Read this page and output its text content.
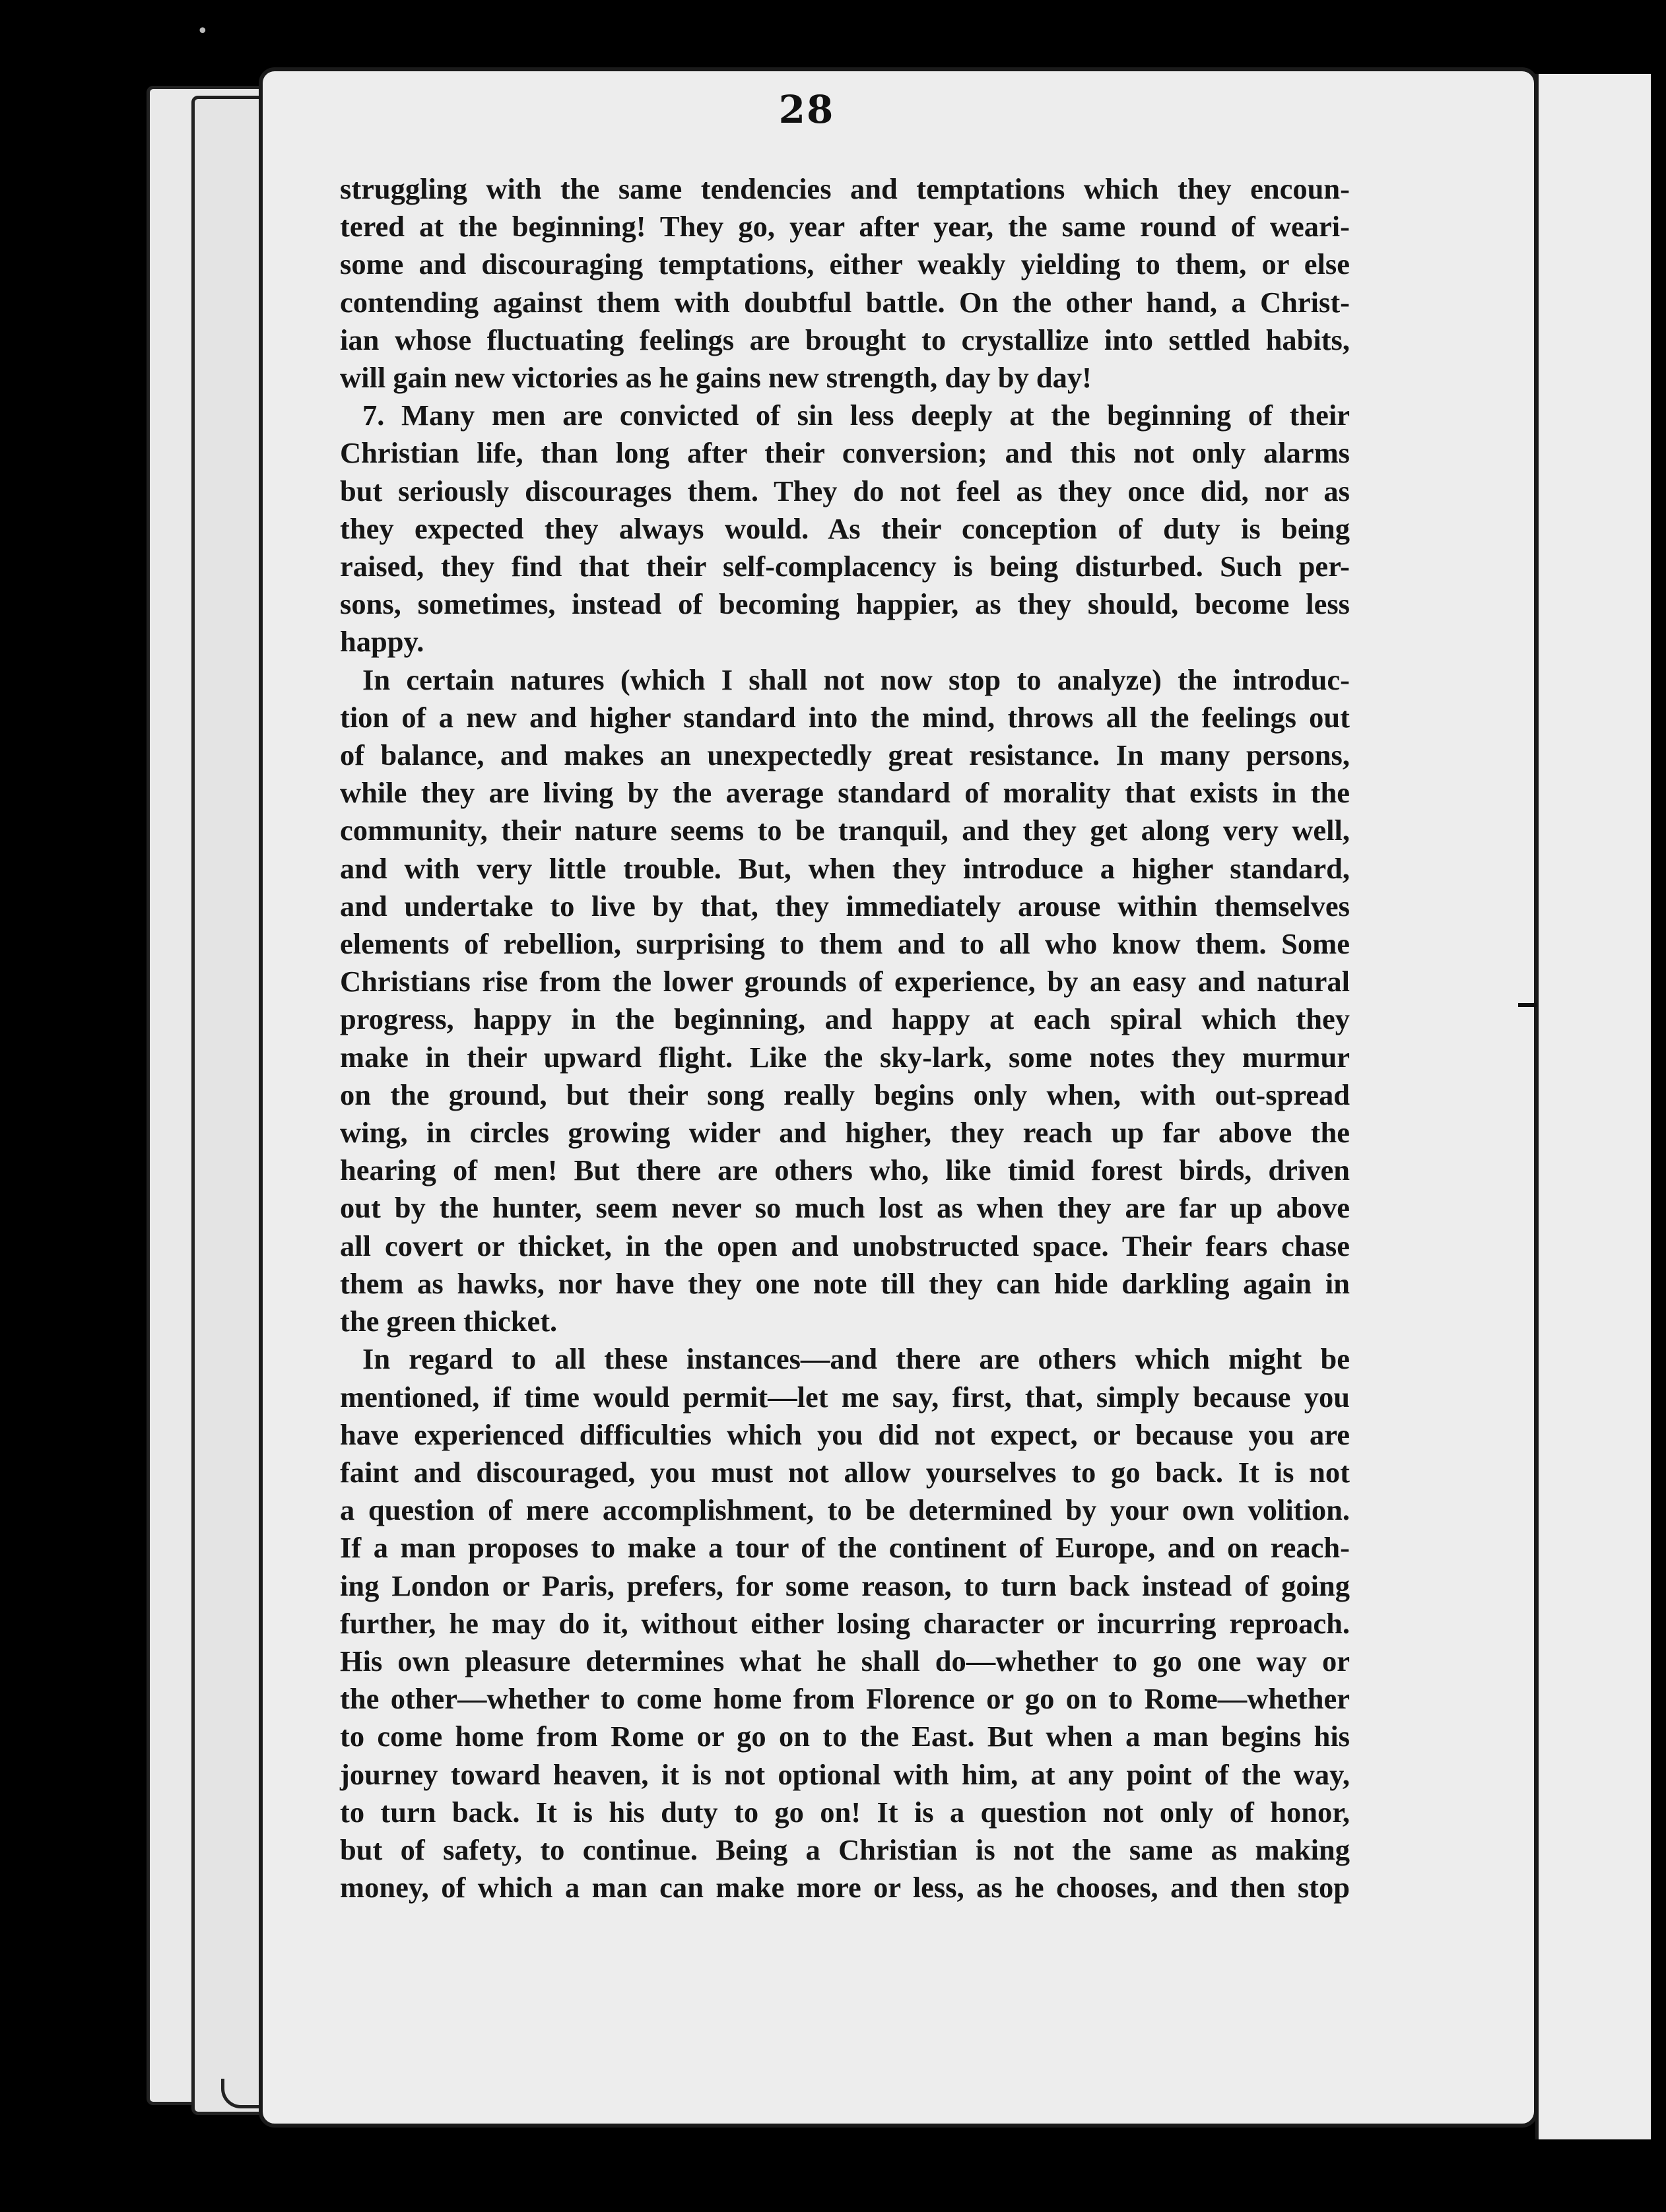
•
28
struggling with the same tendencies and temptations which they encoun-
tered at the beginning! They go, year after year, the same round of weari-
some and discouraging temptations, either weakly yielding to them, or else
contending against them with doubtful battle. On the other hand, a Christ-
ian whose fluctuating feelings are brought to crystallize into settled habits,
will gain new victories as he gains new strength, day by day!
7. Many men are convicted of sin less deeply at the beginning of their
Christian life, than long after their conversion; and this not only alarms
but seriously discourages them. They do not feel as they once did, nor as
they expected they always would. As their conception of duty is being
raised, they find that their self-complacency is being disturbed. Such per-
sons, sometimes, instead of becoming happier, as they should, become less
happy.
In certain natures (which I shall not now stop to analyze) the introduc-
tion of a new and higher standard into the mind, throws all the feelings out
of balance, and makes an unexpectedly great resistance. In many persons,
while they are living by the average standard of morality that exists in the
community, their nature seems to be tranquil, and they get along very well,
and with very little trouble. But, when they introduce a higher standard,
and undertake to live by that, they immediately arouse within themselves
elements of rebellion, surprising to them and to all who know them. Some
Christians rise from the lower grounds of experience, by an easy and natural
progress, happy in the beginning, and happy at each spiral which they
make in their upward flight. Like the sky-lark, some notes they murmur
on the ground, but their song really begins only when, with out-spread
wing, in circles growing wider and higher, they reach up far above the
hearing of men! But there are others who, like timid forest birds, driven
out by the hunter, seem never so much lost as when they are far up above
all covert or thicket, in the open and unobstructed space. Their fears chase
them as hawks, nor have they one note till they can hide darkling again in
the green thicket.
In regard to all these instances—and there are others which might be
mentioned, if time would permit—let me say, first, that, simply because you
have experienced difficulties which you did not expect, or because you are
faint and discouraged, you must not allow yourselves to go back. It is not
a question of mere accomplishment, to be determined by your own volition.
If a man proposes to make a tour of the continent of Europe, and on reach-
ing London or Paris, prefers, for some reason, to turn back instead of going
further, he may do it, without either losing character or incurring reproach.
His own pleasure determines what he shall do—whether to go one way or
the other—whether to come home from Florence or go on to Rome—whether
to come home from Rome or go on to the East. But when a man begins his
journey toward heaven, it is not optional with him, at any point of the way,
to turn back. It is his duty to go on! It is a question not only of honor,
but of safety, to continue. Being a Christian is not the same as making
money, of which a man can make more or less, as he chooses, and then stop
